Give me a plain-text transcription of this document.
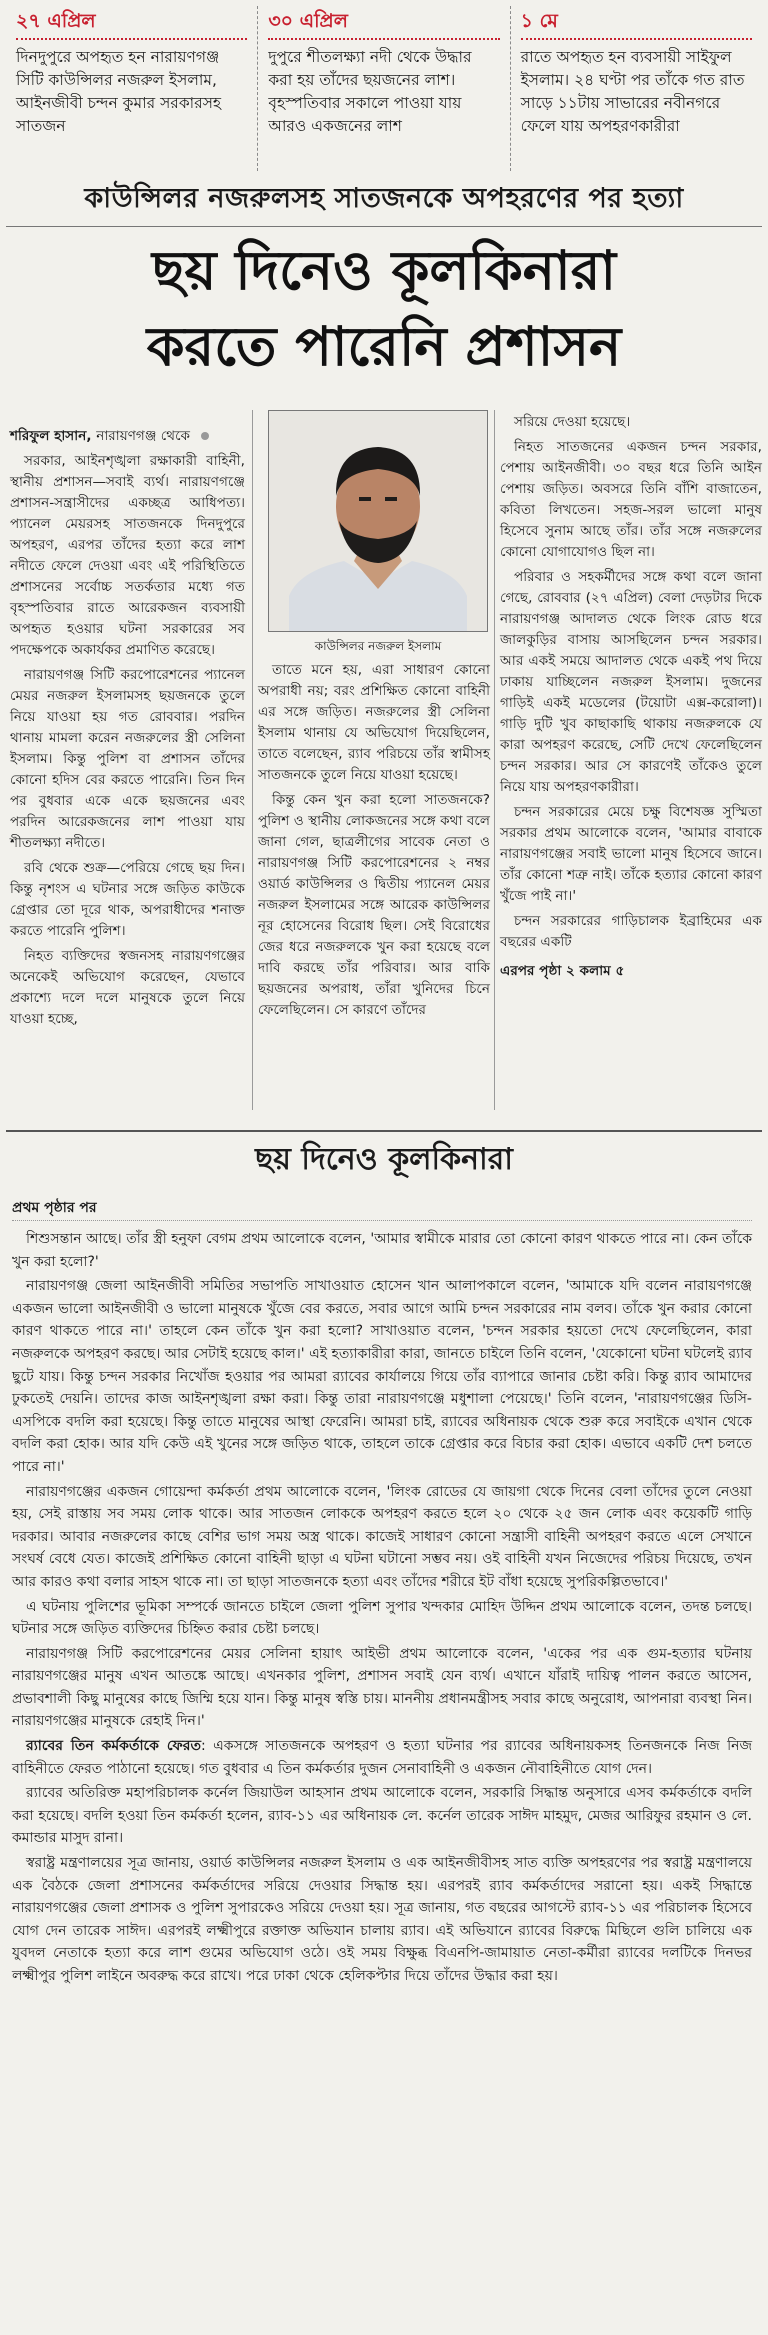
২৭ এপ্রিল
দিনদুপুরে অপহৃত হন নারায়ণগঞ্জ সিটি কাউন্সিলর নজরুল ইসলাম, আইনজীবী চন্দন কুমার সরকারসহ সাতজন
৩০ এপ্রিল
দুপুরে শীতলক্ষ্যা নদী থেকে উদ্ধার করা হয় তাঁদের ছয়জনের লাশ। বৃহস্পতিবার সকালে পাওয়া যায় আরও একজনের লাশ
১ মে
রাতে অপহৃত হন ব্যবসায়ী সাইফুল ইসলাম। ২৪ ঘণ্টা পর তাঁকে গত রাত সাড়ে ১১টায় সাভারের নবীনগরে ফেলে যায় অপহরণকারীরা
কাউন্সিলর নজরুলসহ সাতজনকে অপহরণের পর হত্যা
ছয় দিনেও কূলকিনারা
করতে পারেনি প্রশাসন

শরিফুল হাসান, নারায়ণগঞ্জ থেকে

সরকার, আইনশৃঙ্খলা রক্ষাকারী বাহিনী, স্থানীয় প্রশাসন—সবাই ব্যর্থ। নারায়ণগঞ্জে প্রশাসন-সন্ত্রাসীদের একচ্ছত্র আধিপত্য। প্যানেল মেয়রসহ সাতজনকে দিনদুপুরে অপহরণ, এরপর তাঁদের হত্যা করে লাশ নদীতে ফেলে দেওয়া এবং এই পরিস্থিতিতে প্রশাসনের সর্বোচ্চ সতর্কতার মধ্যে গত বৃহস্পতিবার রাতে আরেকজন ব্যবসায়ী অপহৃত হওয়ার ঘটনা সরকারের সব পদক্ষেপকে অকার্যকর প্রমাণিত করেছে।

নারায়ণগঞ্জ সিটি করপোরেশনের প্যানেল মেয়র নজরুল ইসলামসহ ছয়জনকে তুলে নিয়ে যাওয়া হয় গত রোববার। পরদিন থানায় মামলা করেন নজরুলের স্ত্রী সেলিনা ইসলাম। কিন্তু পুলিশ বা প্রশাসন তাঁদের কোনো হদিস বের করতে পারেনি। তিন দিন পর বুধবার একে একে ছয়জনের এবং পরদিন আরেকজনের লাশ পাওয়া যায় শীতলক্ষ্যা নদীতে।

রবি থেকে শুক্র—পেরিয়ে গেছে ছয় দিন। কিন্তু নৃশংস এ ঘটনার সঙ্গে জড়িত কাউকে গ্রেপ্তার তো দূরে থাক, অপরাধীদের শনাক্ত করতে পারেনি পুলিশ।

নিহত ব্যক্তিদের স্বজনসহ নারায়ণগঞ্জের অনেকেই অভিযোগ করেছেন, যেভাবে প্রকাশ্যে দলে দলে মানুষকে তুলে নিয়ে যাওয়া হচ্ছে,

কাউন্সিলর নজরুল ইসলাম

তাতে মনে হয়, এরা সাধারণ কোনো অপরাধী নয়; বরং প্রশিক্ষিত কোনো বাহিনী এর সঙ্গে জড়িত। নজরুলের স্ত্রী সেলিনা ইসলাম থানায় যে অভিযোগ দিয়েছিলেন, তাতে বলেছেন, র‍্যাব পরিচয়ে তাঁর স্বামীসহ সাতজনকে তুলে নিয়ে যাওয়া হয়েছে।

কিন্তু কেন খুন করা হলো সাতজনকে? পুলিশ ও স্থানীয় লোকজনের সঙ্গে কথা বলে জানা গেল, ছাত্রলীগের সাবেক নেতা ও নারায়ণগঞ্জ সিটি করপোরেশনের ২ নম্বর ওয়ার্ড কাউন্সিলর ও দ্বিতীয় প্যানেল মেয়র নজরুল ইসলামের সঙ্গে আরেক কাউন্সিলর নূর হোসেনের বিরোধ ছিল। সেই বিরোধের জের ধরে নজরুলকে খুন করা হয়েছে বলে দাবি করছে তাঁর পরিবার। আর বাকি ছয়জনের অপরাধ, তাঁরা খুনিদের চিনে ফেলেছিলেন। সে কারণে তাঁদের

সরিয়ে দেওয়া হয়েছে।

নিহত সাতজনের একজন চন্দন সরকার, পেশায় আইনজীবী। ৩০ বছর ধরে তিনি আইন পেশায় জড়িত। অবসরে তিনি বাঁশি বাজাতেন, কবিতা লিখতেন। সহজ-সরল ভালো মানুষ হিসেবে সুনাম আছে তাঁর। তাঁর সঙ্গে নজরুলের কোনো যোগাযোগও ছিল না।

পরিবার ও সহকর্মীদের সঙ্গে কথা বলে জানা গেছে, রোববার (২৭ এপ্রিল) বেলা দেড়টার দিকে নারায়ণগঞ্জ আদালত থেকে লিংক রোড ধরে জালকুড়ির বাসায় আসছিলেন চন্দন সরকার। আর একই সময়ে আদালত থেকে একই পথ দিয়ে ঢাকায় যাচ্ছিলেন নজরুল ইসলাম। দুজনের গাড়িই একই মডেলের (টয়োটা এক্স-করোলা)। গাড়ি দুটি খুব কাছাকাছি থাকায় নজরুলকে যে কারা অপহরণ করেছে, সেটি দেখে ফেলেছিলেন চন্দন সরকার। আর সে কারণেই তাঁকেও তুলে নিয়ে যায় অপহরণকারীরা।

চন্দন সরকারের মেয়ে চক্ষু বিশেষজ্ঞ সুস্মিতা সরকার প্রথম আলোকে বলেন, 'আমার বাবাকে নারায়ণগঞ্জের সবাই ভালো মানুষ হিসেবে জানে। তাঁর কোনো শত্রু নাই। তাঁকে হত্যার কোনো কারণ খুঁজে পাই না।'

চন্দন সরকারের গাড়িচালক ইব্রাহিমের এক বছরের একটি

এরপর পৃষ্ঠা ২ কলাম ৫

ছয় দিনেও কূলকিনারা
প্রথম পৃষ্ঠার পর

শিশুসন্তান আছে। তাঁর স্ত্রী হনুফা বেগম প্রথম আলোকে বলেন, 'আমার স্বামীকে মারার তো কোনো কারণ থাকতে পারে না। কেন তাঁকে খুন করা হলো?'

নারায়ণগঞ্জ জেলা আইনজীবী সমিতির সভাপতি সাখাওয়াত হোসেন খান আলাপকালে বলেন, 'আমাকে যদি বলেন নারায়ণগঞ্জে একজন ভালো আইনজীবী ও ভালো মানুষকে খুঁজে বের করতে, সবার আগে আমি চন্দন সরকারের নাম বলব। তাঁকে খুন করার কোনো কারণ থাকতে পারে না।' তাহলে কেন তাঁকে খুন করা হলো? সাখাওয়াত বলেন, 'চন্দন সরকার হয়তো দেখে ফেলেছিলেন, কারা নজরুলকে অপহরণ করছে। আর সেটাই হয়েছে কাল।' এই হত্যাকারীরা কারা, জানতে চাইলে তিনি বলেন, 'যেকোনো ঘটনা ঘটলেই র‍্যাব ছুটে যায়। কিন্তু চন্দন সরকার নিখোঁজ হওয়ার পর আমরা র‍্যাবের কার্যালয়ে গিয়ে তাঁর ব্যাপারে জানার চেষ্টা করি। কিন্তু র‍্যাব আমাদের ঢুকতেই দেয়নি। তাদের কাজ আইনশৃঙ্খলা রক্ষা করা। কিন্তু তারা নারায়ণগঞ্জে মধুশালা পেয়েছে।' তিনি বলেন, 'নারায়ণগঞ্জের ডিসি-এসপিকে বদলি করা হয়েছে। কিন্তু তাতে মানুষের আস্থা ফেরেনি। আমরা চাই, র‍্যাবের অধিনায়ক থেকে শুরু করে সবাইকে এখান থেকে বদলি করা হোক। আর যদি কেউ এই খুনের সঙ্গে জড়িত থাকে, তাহলে তাকে গ্রেপ্তার করে বিচার করা হোক। এভাবে একটি দেশ চলতে পারে না।'

নারায়ণগঞ্জের একজন গোয়েন্দা কর্মকর্তা প্রথম আলোকে বলেন, 'লিংক রোডের যে জায়গা থেকে দিনের বেলা তাঁদের তুলে নেওয়া হয়, সেই রাস্তায় সব সময় লোক থাকে। আর সাতজন লোককে অপহরণ করতে হলে ২০ থেকে ২৫ জন লোক এবং কয়েকটি গাড়ি দরকার। আবার নজরুলের কাছে বেশির ভাগ সময় অস্ত্র থাকে। কাজেই সাধারণ কোনো সন্ত্রাসী বাহিনী অপহরণ করতে এলে সেখানে সংঘর্ষ বেধে যেত। কাজেই প্রশিক্ষিত কোনো বাহিনী ছাড়া এ ঘটনা ঘটানো সম্ভব নয়। ওই বাহিনী যখন নিজেদের পরিচয় দিয়েছে, তখন আর কারও কথা বলার সাহস থাকে না। তা ছাড়া সাতজনকে হত্যা এবং তাঁদের শরীরে ইট বাঁধা হয়েছে সুপরিকল্পিতভাবে।'

এ ঘটনায় পুলিশের ভূমিকা সম্পর্কে জানতে চাইলে জেলা পুলিশ সুপার খন্দকার মোহিদ উদ্দিন প্রথম আলোকে বলেন, তদন্ত চলছে। ঘটনার সঙ্গে জড়িত ব্যক্তিদের চিহ্নিত করার চেষ্টা চলছে।

নারায়ণগঞ্জ সিটি করপোরেশনের মেয়র সেলিনা হায়াৎ আইভী প্রথম আলোকে বলেন, 'একের পর এক গুম-হত্যার ঘটনায় নারায়ণগঞ্জের মানুষ এখন আতঙ্কে আছে। এখনকার পুলিশ, প্রশাসন সবাই যেন ব্যর্থ। এখানে যাঁরাই দায়িত্ব পালন করতে আসেন, প্রভাবশালী কিছু মানুষের কাছে জিম্মি হয়ে যান। কিন্তু মানুষ স্বস্তি চায়। মাননীয় প্রধানমন্ত্রীসহ সবার কাছে অনুরোধ, আপনারা ব্যবস্থা নিন। নারায়ণগঞ্জের মানুষকে রেহাই দিন।'

র‍্যাবের তিন কর্মকর্তাকে ফেরত: একসঙ্গে সাতজনকে অপহরণ ও হত্যা ঘটনার পর র‍্যাবের অধিনায়কসহ তিনজনকে নিজ নিজ বাহিনীতে ফেরত পাঠানো হয়েছে। গত বুধবার এ তিন কর্মকর্তার দুজন সেনাবাহিনী ও একজন নৌবাহিনীতে যোগ দেন।

র‍্যাবের অতিরিক্ত মহাপরিচালক কর্নেল জিয়াউল আহসান প্রথম আলোকে বলেন, সরকারি সিদ্ধান্ত অনুসারে এসব কর্মকর্তাকে বদলি করা হয়েছে। বদলি হওয়া তিন কর্মকর্তা হলেন, র‍্যাব-১১ এর অধিনায়ক লে. কর্নেল তারেক সাঈদ মাহমুদ, মেজর আরিফুর রহমান ও লে. কমান্ডার মাসুদ রানা।

স্বরাষ্ট্র মন্ত্রণালয়ের সূত্র জানায়, ওয়ার্ড কাউন্সিলর নজরুল ইসলাম ও এক আইনজীবীসহ সাত ব্যক্তি অপহরণের পর স্বরাষ্ট্র মন্ত্রণালয়ে এক বৈঠকে জেলা প্রশাসনের কর্মকর্তাদের সরিয়ে দেওয়ার সিদ্ধান্ত হয়। এরপরই র‍্যাব কর্মকর্তাদের সরানো হয়। একই সিদ্ধান্তে নারায়ণগঞ্জের জেলা প্রশাসক ও পুলিশ সুপারকেও সরিয়ে দেওয়া হয়। সূত্র জানায়, গত বছরের আগস্টে র‍্যাব-১১ এর পরিচালক হিসেবে যোগ দেন তারেক সাঈদ। এরপরই লক্ষ্মীপুরে রক্তাক্ত অভিযান চালায় র‍্যাব। এই অভিযানে র‍্যাবের বিরুদ্ধে মিছিলে গুলি চালিয়ে এক যুবদল নেতাকে হত্যা করে লাশ গুমের অভিযোগ ওঠে। ওই সময় বিক্ষুব্ধ বিএনপি-জামায়াত নেতা-কর্মীরা র‍্যাবের দলটিকে দিনভর লক্ষ্মীপুর পুলিশ লাইনে অবরুদ্ধ করে রাখে। পরে ঢাকা থেকে হেলিকপ্টার দিয়ে তাঁদের উদ্ধার করা হয়।
